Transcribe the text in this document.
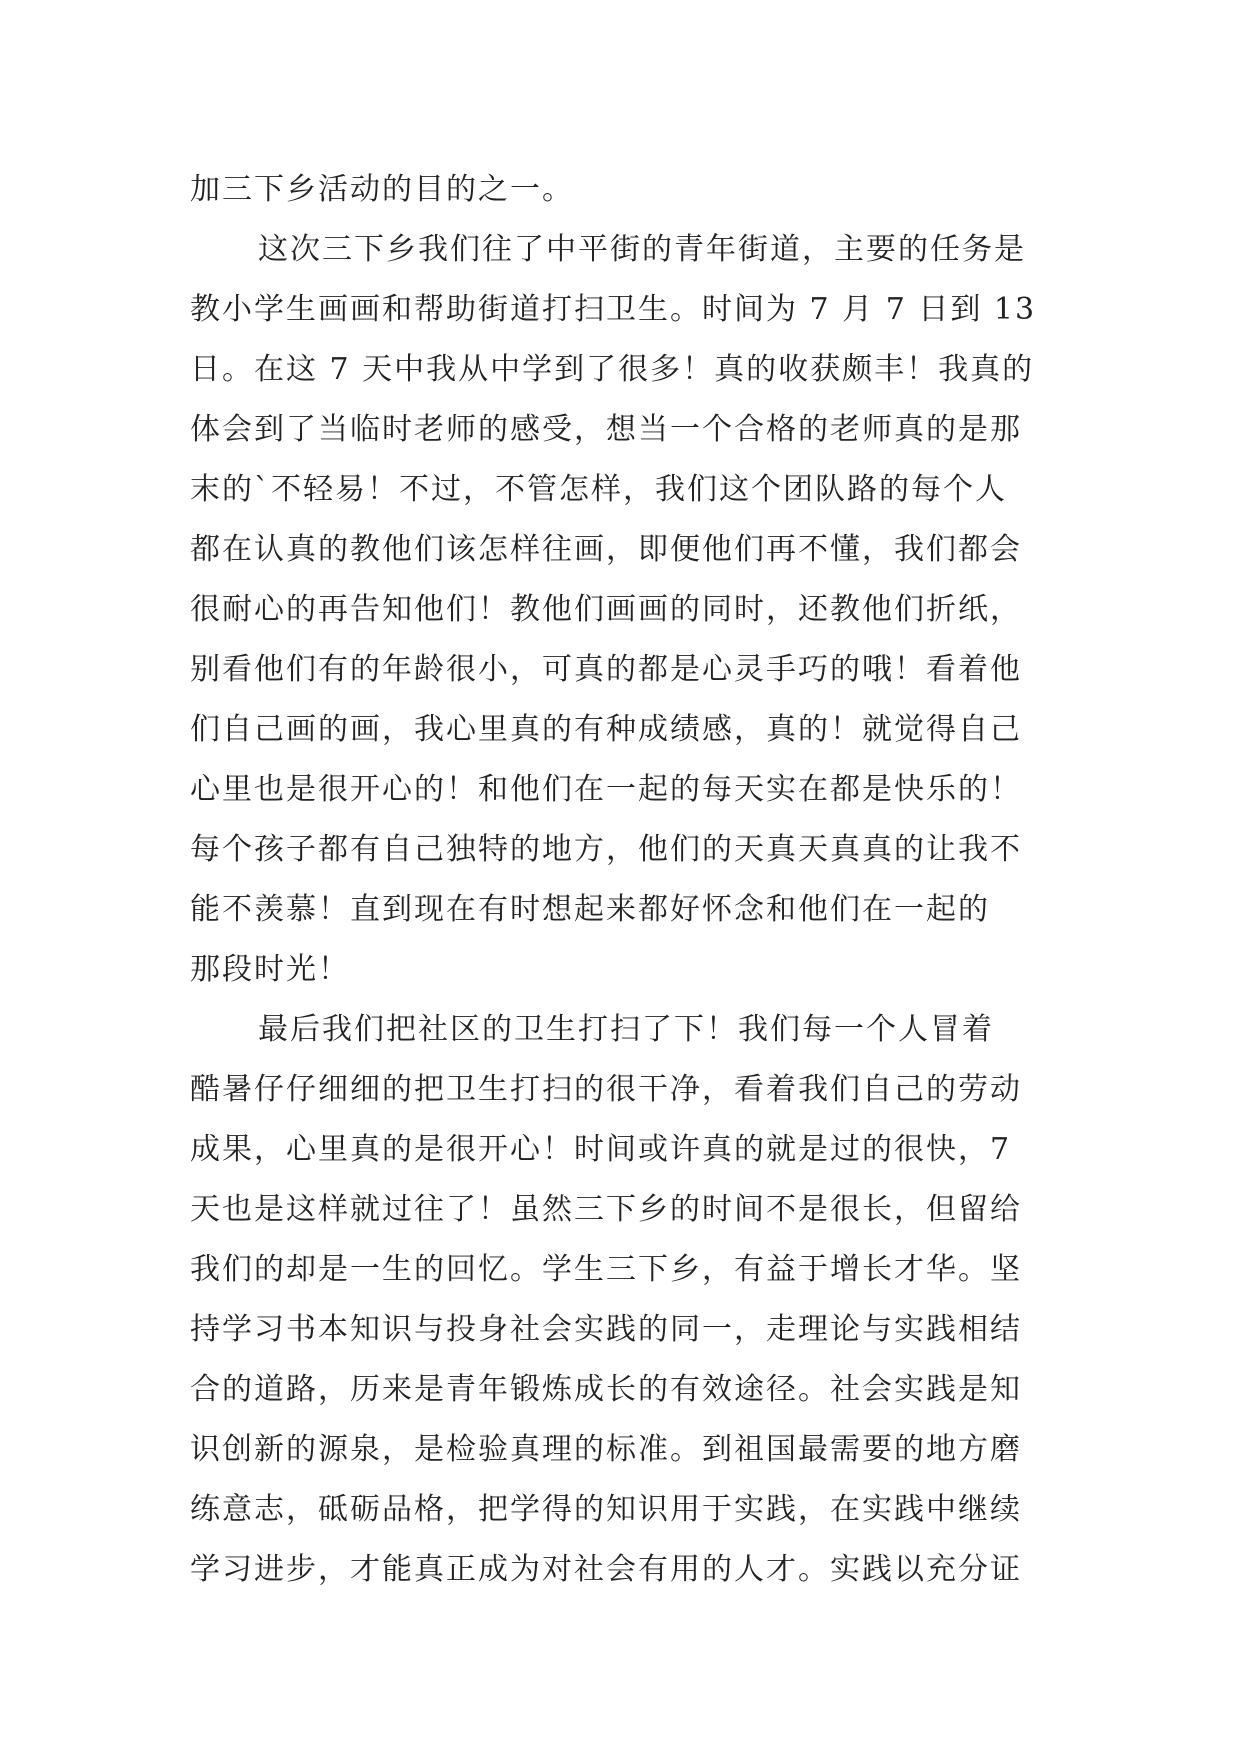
加三下乡活动的目的之一。
这次三下乡我们往了中平街的青年街道，主要的任务是
教小学生画画和帮助街道打扫卫生。时间为 7 月 7 日到 13
日。在这 7 天中我从中学到了很多！真的收获颇丰！我真的
体会到了当临时老师的感受，想当一个合格的老师真的是那
末的`不轻易！不过，不管怎样，我们这个团队路的每个人
都在认真的教他们该怎样往画，即便他们再不懂，我们都会
很耐心的再告知他们！教他们画画的同时，还教他们折纸，
别看他们有的年龄很小，可真的都是心灵手巧的哦！看着他
们自己画的画，我心里真的有种成绩感，真的！就觉得自己
心里也是很开心的！和他们在一起的每天实在都是快乐的！
每个孩子都有自己独特的地方，他们的天真天真真的让我不
能不羡慕！直到现在有时想起来都好怀念和他们在一起的
那段时光！
最后我们把社区的卫生打扫了下！我们每一个人冒着
酷暑仔仔细细的把卫生打扫的很干净，看着我们自己的劳动
成果，心里真的是很开心！时间或许真的就是过的很快，7
天也是这样就过往了！虽然三下乡的时间不是很长，但留给
我们的却是一生的回忆。学生三下乡，有益于增长才华。坚
持学习书本知识与投身社会实践的同一，走理论与实践相结
合的道路，历来是青年锻炼成长的有效途径。社会实践是知
识创新的源泉，是检验真理的标准。到祖国最需要的地方磨
练意志，砥砺品格，把学得的知识用于实践，在实践中继续
学习进步，才能真正成为对社会有用的人才。实践以充分证
